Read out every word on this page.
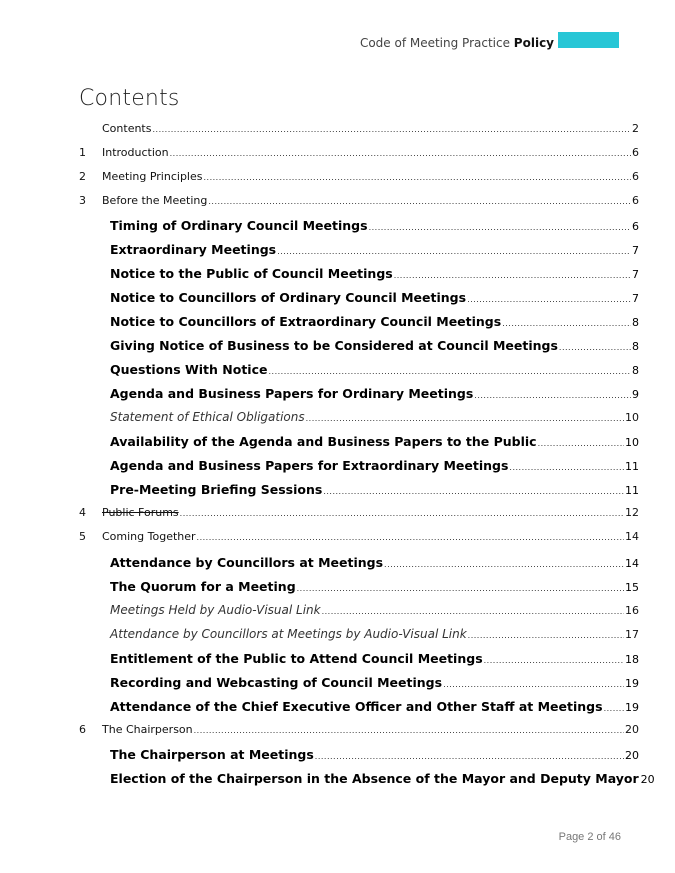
Code of Meeting Practice Policy
Contents
Contents .....	2
1	Introduction .....	6
2	Meeting Principles .....	6
3	Before the Meeting .....	6
Timing of Ordinary Council Meetings .....	6
Extraordinary Meetings .....	7
Notice to the Public of Council Meetings .....	7
Notice to Councillors of Ordinary Council Meetings .....	7
Notice to Councillors of Extraordinary Council Meetings .....	8
Giving Notice of Business to be Considered at Council Meetings .....	8
Questions With Notice .....	8
Agenda and Business Papers for Ordinary Meetings .....	9
Statement of Ethical Obligations .....	10
Availability of the Agenda and Business Papers to the Public .....	10
Agenda and Business Papers for Extraordinary Meetings .....	11
Pre-Meeting Briefing Sessions .....	11
4	Public Forums .....	12
5	Coming Together .....	14
Attendance by Councillors at Meetings .....	14
The Quorum for a Meeting .....	15
Meetings Held by Audio-Visual Link .....	16
Attendance by Councillors at Meetings by Audio-Visual Link .....	17
Entitlement of the Public to Attend Council Meetings .....	18
Recording and Webcasting of Council Meetings .....	19
Attendance of the Chief Executive Officer and Other Staff at Meetings ..... 19
6	The Chairperson .....	20
The Chairperson at Meetings .....	20
Election of the Chairperson in the Absence of the Mayor and Deputy Mayor 20
Page 2 of 46
